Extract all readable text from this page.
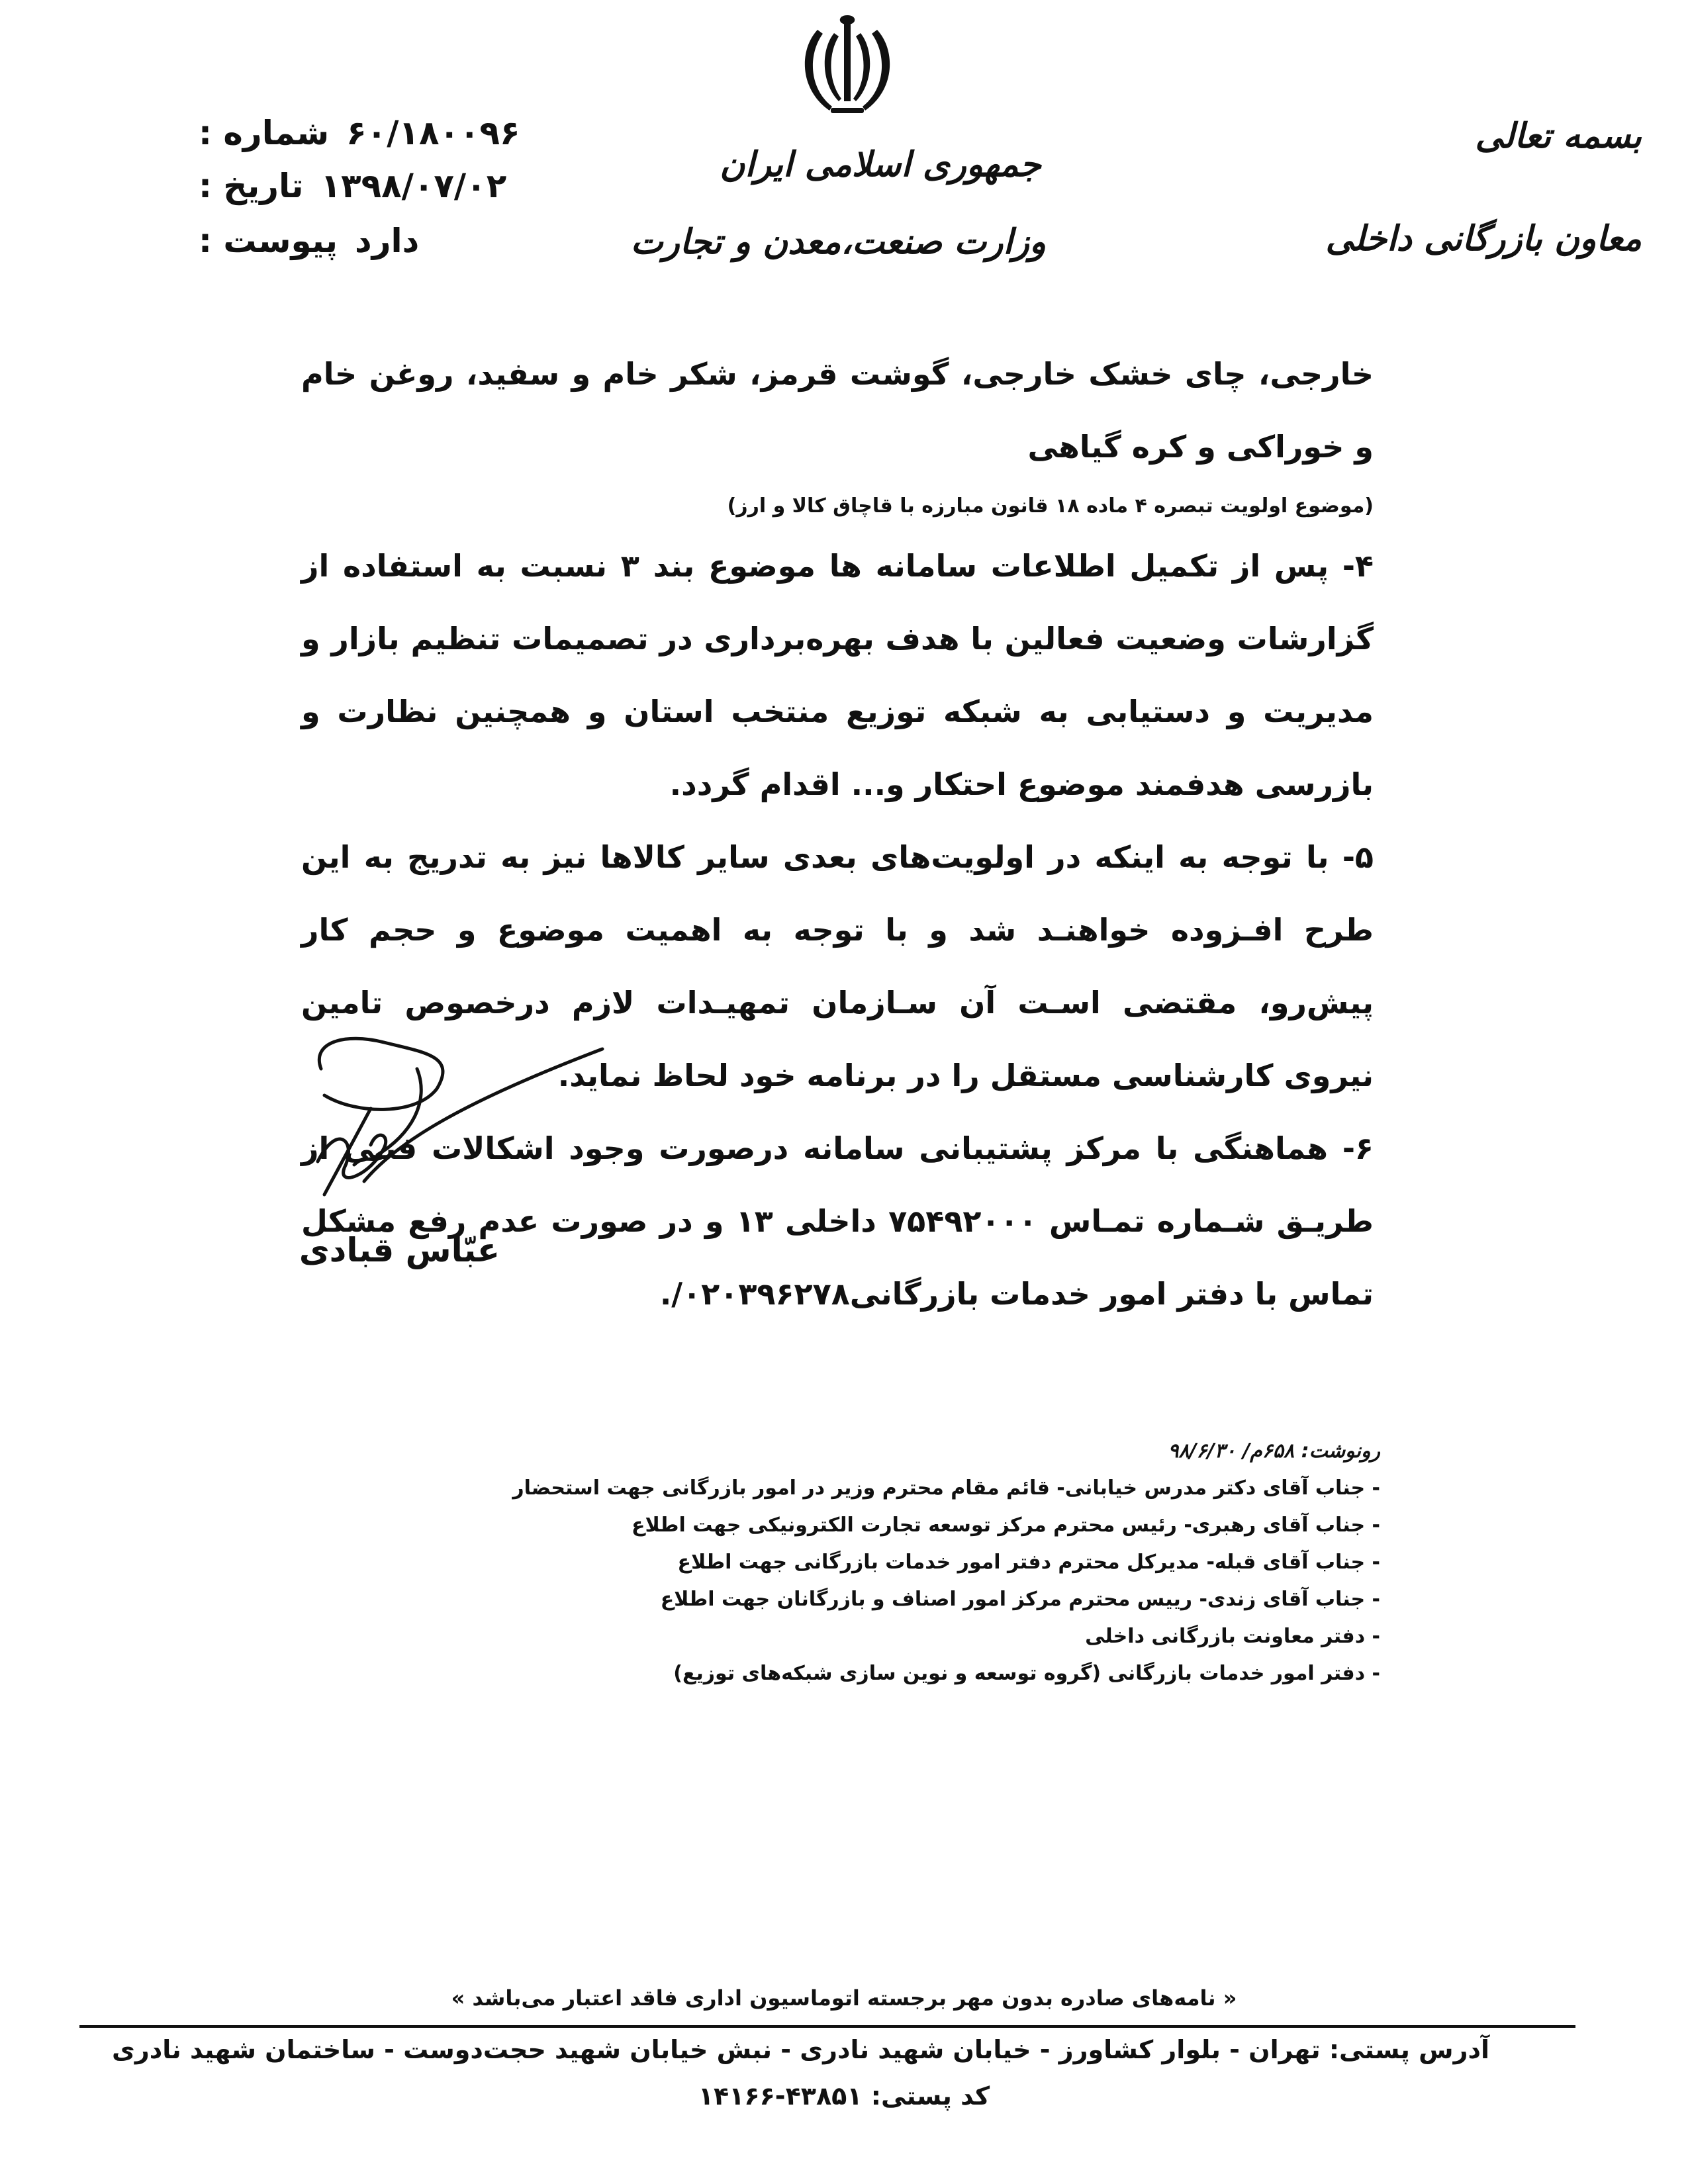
بسمه تعالی
معاون بازرگانی داخلی
جمهوری اسلامی ایران
وزارت صنعت،معدن و تجارت
شماره : ۶۰/۱۸۰۰۹۶
تاریخ : ۱۳۹۸/۰۷/۰۲
پیوست : دارد

خارجی، چای خشک خارجی، گوشت قرمز، شکر خام و سفید، روغن خام و خوراکی و کره گیاهی

(موضوع اولویت تبصره ۴ ماده ۱۸ قانون مبارزه با قاچاق کالا و ارز)

۴- پس از تکمیل اطلاعات سامانه ها موضوع بند ۳ نسبت به استفاده از گزارشات وضعیت فعالین با هدف بهره‌برداری در تصمیمات تنظیم بازار و مدیریت و دستیابی به شبکه توزیع منتخب استان و همچنین نظارت و بازرسی هدفمند موضوع احتکار و... اقدام گردد.

۵- با توجه به اینکه در اولویت‌های بعدی سایر کالاها نیز به تدریج به این طرح افـزوده خواهنـد شد و با توجه به اهمیت موضوع و حجم کار پیش‌رو، مقتضی اسـت آن سـازمان تمهیـدات لازم درخصوص تامین نیروی کارشناسی مستقل را در برنامه خود لحاظ نماید.

۶- هماهنگی با مرکز پشتیبانی سامانه درصورت وجود اشکالات فنـی از طریـق شـماره تمـاس ۷۵۴۹۲۰۰۰ داخلی ۱۳ و در صورت عدم رفع مشکل تماس با دفتر امور خدمات بازرگانی۰۲۰۳۹۶۲۷۸/.

عبّاس قبادی
رونوشت: ۶۵۸م/ ۹۸/۶/۳۰
- جناب آقای دکتر مدرس خیابانی- قائم مقام محترم وزیر در امور بازرگانی جهت استحضار
- جناب آقای رهبری- رئیس محترم مرکز توسعه تجارت الکترونیکی جهت اطلاع
- جناب آقای قبله- مدیرکل محترم دفتر امور خدمات بازرگانی جهت اطلاع
- جناب آقای زندی- رییس محترم مرکز امور اصناف و بازرگانان جهت اطلاع
- دفتر معاونت بازرگانی داخلی
- دفتر امور خدمات بازرگانی (گروه توسعه و نوین سازی شبکه‌های توزیع)
« نامه‌های صادره بدون مهر برجسته اتوماسیون اداری فاقد اعتبار می‌باشد »
آدرس پستی: تهران - بلوار کشاورز - خیابان شهید نادری - نبش خیابان شهید حجت‌دوست - ساختمان شهید نادری
کد پستی: ۴۳۸۵۱-۱۴۱۶۶
